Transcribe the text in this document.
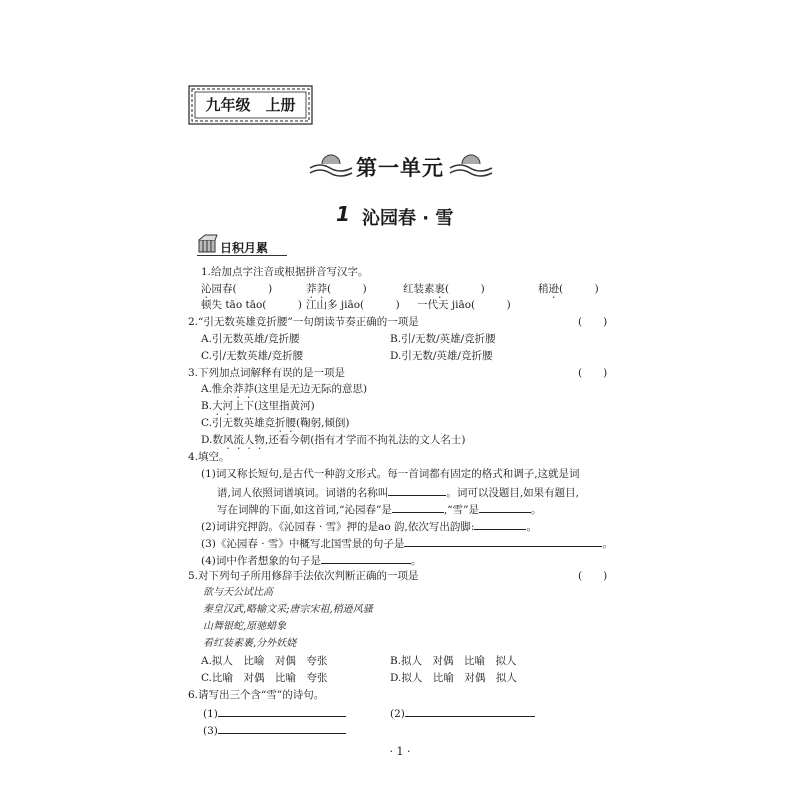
九年级　上册
第一单元
1 沁园春 · 雪
日积月累
1.给加点字注音或根据拼音写汉字。
沁园春(　　　)	莽莽(　　　)	红装素裹(　　　)	稍逊(　　　)
顿失 tāo tāo(　　　) 江山多 jiāo(　　　) 一代天 jiāo(　　　)
2.“引无数英雄竞折腰”一句朗读节奏正确的一项是	(　　)
A.引无数英雄/竞折腰	B.引/无数/英雄/竞折腰
C.引/无数英雄/竞折腰	D.引无数/英雄/竞折腰
3.下列加点词解释有误的是一项是	(　　)
A.惟余莽莽(这里是无边无际的意思)
B.大河上下(这里指黄河)
C.引无数英雄竞折腰(鞠躬,倾倒)
D.数风流人物,还看今朝(指有才学而不拘礼法的文人名士)
4.填空。
(1)词又称长短句,是古代一种韵文形式。每一首词都有固定的格式和调子,这就是词
谱,词人依照词谱填词。词谱的名称叫	。词可以没题目,如果有题目,
写在词牌的下面,如这首词,“沁园春”是	,“雪”是	。
(2)词讲究押韵。《沁园春 · 雪》押的是ao 韵,依次写出韵脚:	。
(3)《沁园春 · 雪》中概写北国雪景的句子是	。
(4)词中作者想象的句子是	。
5.对下列句子所用修辞手法依次判断正确的一项是	(　　)
欲与天公试比高
秦皇汉武,略输文采;唐宗宋祖,稍逊风骚
山舞银蛇,原驰蜡象
看红装素裹,分外妖娆
A.拟人　比喻　对偶　夸张	B.拟人　对偶　比喻　拟人
C.比喻　对偶　比喻　夸张	D.拟人　比喻　对偶　拟人
6.请写出三个含“雪”的诗句。
(1)	(2)
(3)
· 1 ·
